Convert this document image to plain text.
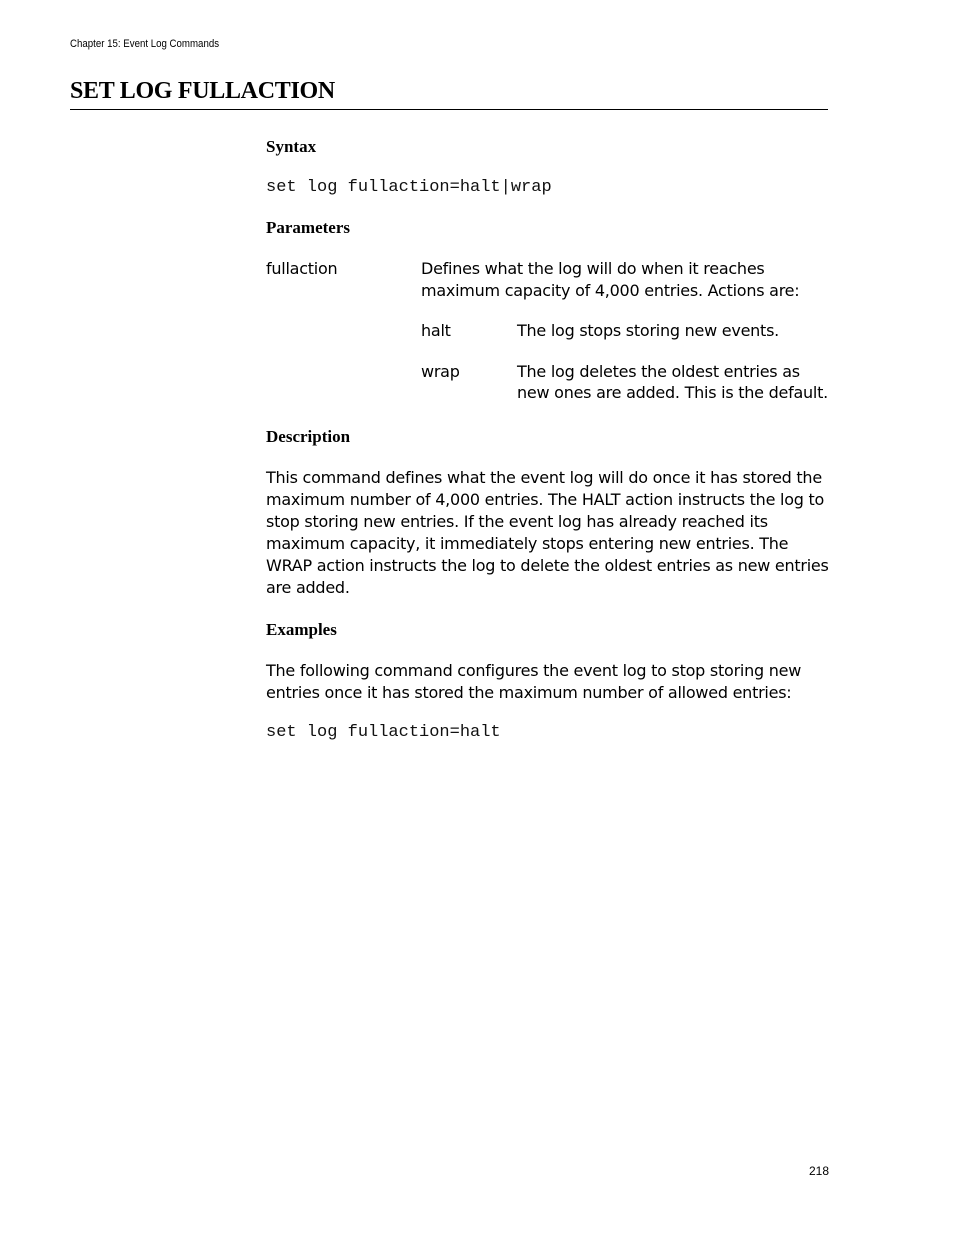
Chapter 15: Event Log Commands
SET LOG FULLACTION
Syntax
set log fullaction=halt|wrap
Parameters
fullaction	Defines what the log will do when it reaches
maximum capacity of 4,000 entries. Actions are:
halt	The log stops storing new events.
wrap	The log deletes the oldest entries as
new ones are added. This is the default.
Description
This command defines what the event log will do once it has stored the
maximum number of 4,000 entries. The HALT action instructs the log to
stop storing new entries. If the event log has already reached its
maximum capacity, it immediately stops entering new entries. The
WRAP action instructs the log to delete the oldest entries as new entries
are added.
Examples
The following command configures the event log to stop storing new
entries once it has stored the maximum number of allowed entries:
set log fullaction=halt
218
